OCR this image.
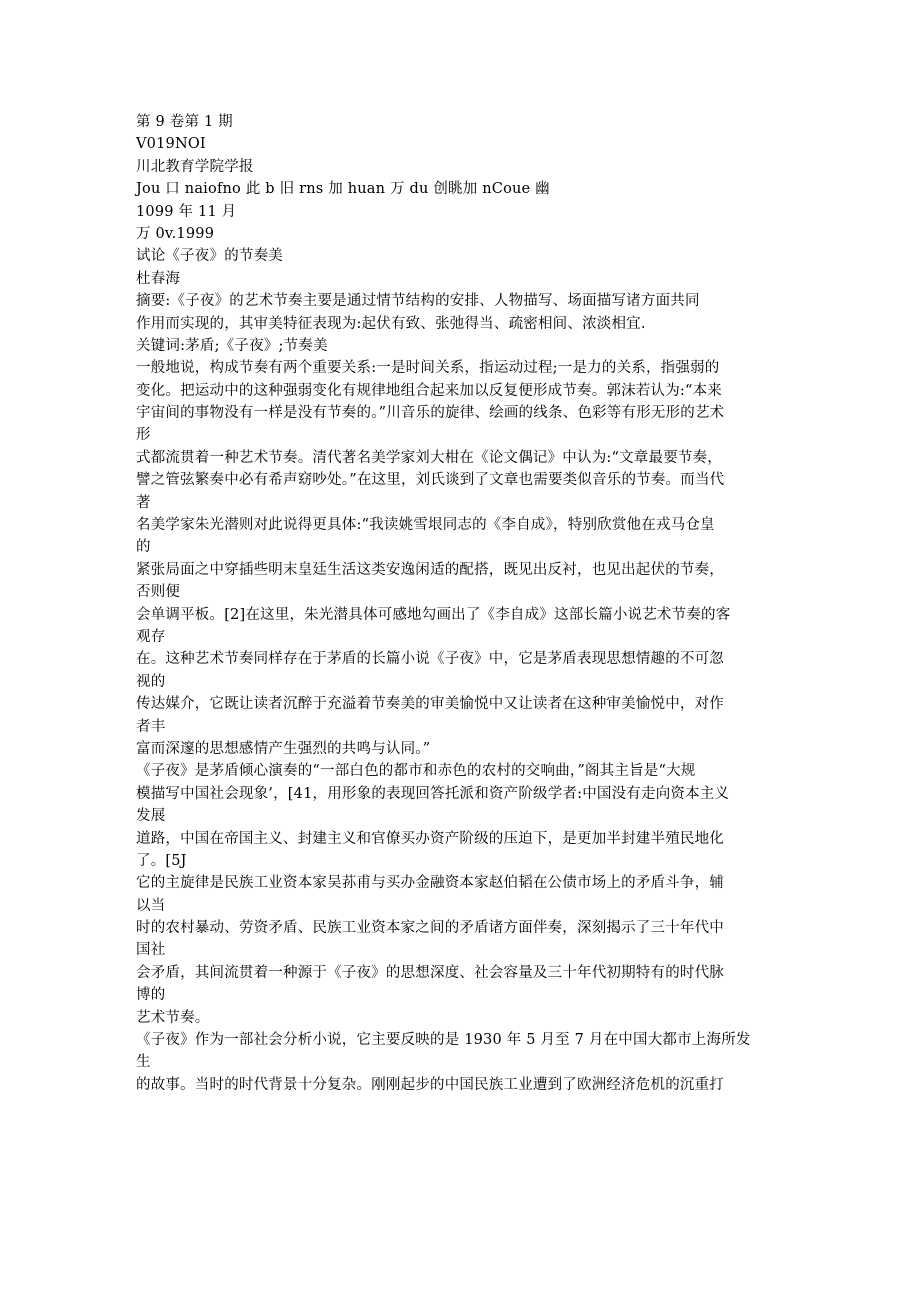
第 9 卷第 1 期
V019NOI
川北教育学院学报
Jou 口 naiofno 此 b 旧 rns 加 huan 万 du 创眺加 nCoue 幽
1099 年 11 月
万 0v.1999
试论《子夜》的节奏美
杜春海
摘要:《子夜》的艺术节奏主要是通过情节结构的安排、人物描写、场面描写诸方面共同
作用而实现的，其审美特征表现为:起伏有致、张弛得当、疏密相间、浓淡相宜.
关键词:茅盾;《子夜》;节奏美
一般地说，构成节奏有两个重要关系:一是时间关系，指运动过程;一是力的关系，指强弱的
变化。把运动中的这种强弱变化有规律地组合起来加以反复便形成节奏。郭沫若认为:“本来
宇宙间的事物没有一样是没有节奏的。”川音乐的旋律、绘画的线条、色彩等有形无形的艺术
形
式都流贯着一种艺术节奏。清代著名美学家刘大柑在《论文偶记》中认为:“文章最要节奏，
譬之管弦繁奏中必有希声窈吵处。”在这里，刘氏谈到了文章也需要类似音乐的节奏。而当代
著
名美学家朱光潜则对此说得更具体:“我读姚雪垠同志的《李自成》，特别欣赏他在戎马仓皇
的
紧张局面之中穿插些明末皇廷生活这类安逸闲适的配搭，既见出反衬，也见出起伏的节奏，
否则便
会单调平板。[2]在这里，朱光潜具体可感地勾画出了《李自成》这部长篇小说艺术节奏的客
观存
在。这种艺术节奏同样存在于茅盾的长篇小说《子夜》中，它是茅盾表现思想情趣的不可忽
视的
传达媒介，它既让读者沉醉于充溢着节奏美的审美愉悦中又让读者在这种审美愉悦中，对作
者丰
富而深邃的思想感情产生强烈的共鸣与认同。”
《子夜》是茅盾倾心演奏的“一部白色的都市和赤色的农村的交响曲，”阁其主旨是“大规
模描写中国社会现象’，[41，用形象的表现回答托派和资产阶级学者:中国没有走向资本主义
发展
道路，中国在帝国主义、封建主义和官僚买办资产阶级的压迫下，是更加半封建半殖民地化
了。[5J
它的主旋律是民族工业资本家吴荪甫与买办金融资本家赵伯韬在公债市场上的矛盾斗争，辅
以当
时的农村暴动、劳资矛盾、民族工业资本家之间的矛盾诸方面伴奏，深刻揭示了三十年代中
国社
会矛盾，其间流贯着一种源于《子夜》的思想深度、社会容量及三十年代初期特有的时代脉
博的
艺术节奏。
《子夜》作为一部社会分析小说，它主要反映的是 1930 年 5 月至 7 月在中国大都市上海所发
生
的故事。当时的时代背景十分复杂。刚刚起步的中国民族工业遭到了欧洲经济危机的沉重打
